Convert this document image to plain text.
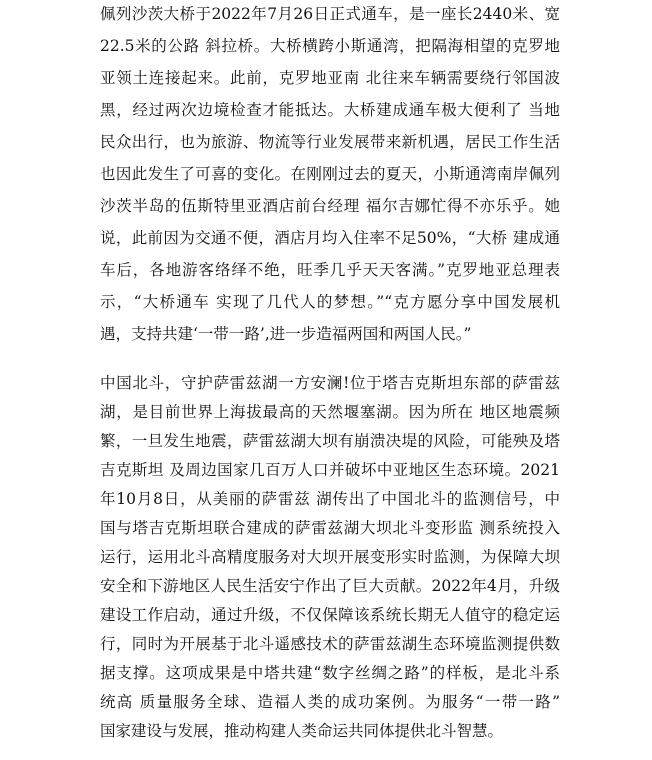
佩列沙茨大桥于2022年7月26日正式通车，是一座长2440米、宽
22.5米的公路 斜拉桥。大桥横跨小斯通湾，把隔海相望的克罗地
亚领土连接起来。此前，克罗地亚南 北往来车辆需要绕行邻国波
黑，经过两次边境检查才能抵达。大桥建成通车极大便利了 当地
民众出行，也为旅游、物流等行业发展带来新机遇，居民工作生活
也因此发生了可喜的变化。在刚刚过去的夏天，小斯通湾南岸佩列
沙茨半岛的伍斯特里亚酒店前台经理 福尔吉娜忙得不亦乐乎。她
说，此前因为交通不便，酒店月均入住率不足50%，“大桥 建成通
车后，各地游客络绎不绝，旺季几乎天天客满。”克罗地亚总理表
示，“大桥通车 实现了几代人的梦想。”“克方愿分享中国发展机
遇，支持共建‘一带一路’,进一步造福两国和两国人民。”
中国北斗，守护萨雷兹湖一方安澜!位于塔吉克斯坦东部的萨雷兹
湖，是目前世界上海拔最高的天然堰塞湖。因为所在 地区地震频
繁，一旦发生地震，萨雷兹湖大坝有崩溃决堤的风险，可能殃及塔
吉克斯坦 及周边国家几百万人口并破坏中亚地区生态环境。2021
年10月8日，从美丽的萨雷兹 湖传出了中国北斗的监测信号，中
国与塔吉克斯坦联合建成的萨雷兹湖大坝北斗变形监 测系统投入
运行，运用北斗高精度服务对大坝开展变形实时监测，为保障大坝
安全和下游地区人民生活安宁作出了巨大贡献。2022年4月，升级
建设工作启动，通过升级，不仅保障该系统长期无人值守的稳定运
行，同时为开展基于北斗遥感技术的萨雷兹湖生态环境监测提供数
据支撑。这项成果是中塔共建“数字丝绸之路”的样板，是北斗系
统高 质量服务全球、造福人类的成功案例。为服务“一带一路”
国家建设与发展，推动构建人类命运共同体提供北斗智慧。
